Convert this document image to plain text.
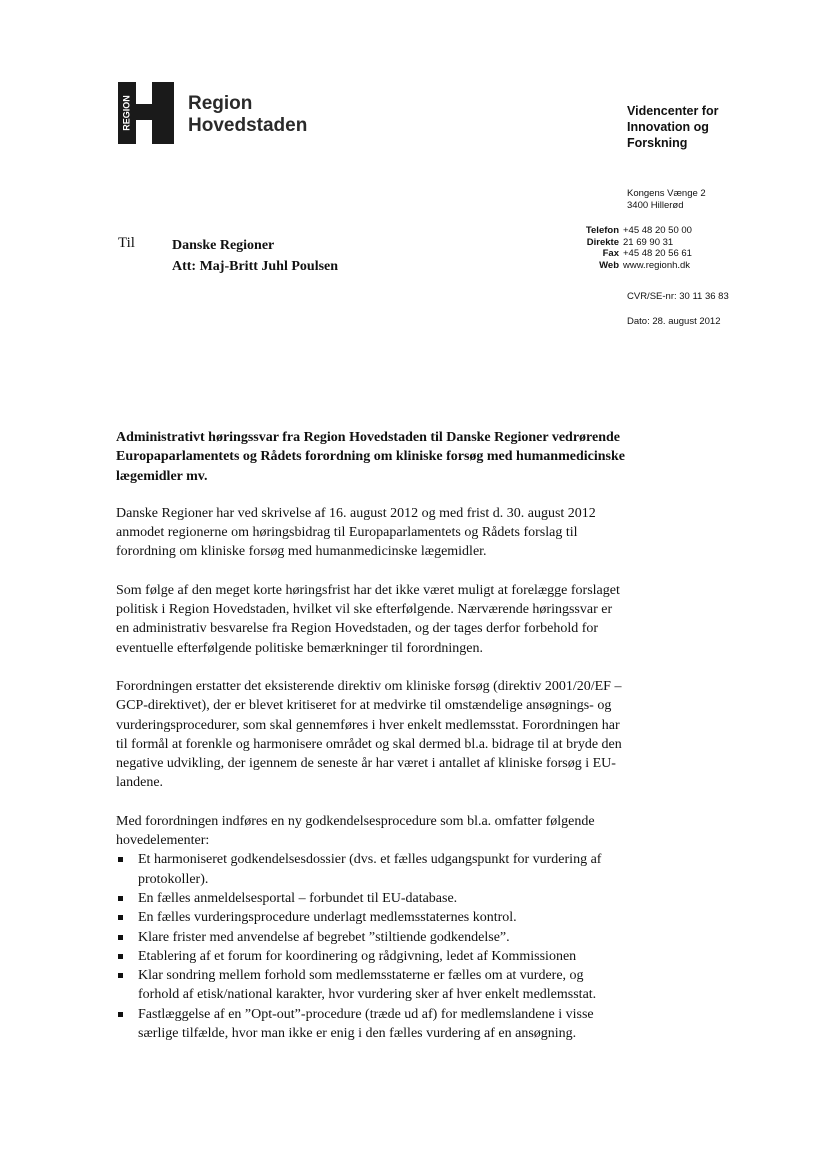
REGION	Region
Hovedstaden
Videncenter for
Innovation og
Forskning
Kongens Vænge 2
3400 Hillerød
Telefon +45 48 20 50 00
Direkte 21 69 90 31
Fax +45 48 20 56 61
Web www.regionh.dk
CVR/SE-nr: 30 11 36 83
Dato: 28. august 2012
Til	Danske Regioner
Att: Maj-Britt Juhl Poulsen

Administrativt høringssvar fra Region Hovedstaden til Danske Regioner vedrørende Europaparlamentets og Rådets forordning om kliniske forsøg med humanmedicinske lægemidler mv.

Danske Regioner har ved skrivelse af 16. august 2012 og med frist d. 30. august 2012 anmodet regionerne om høringsbidrag til Europaparlamentets og Rådets forslag til forordning om kliniske forsøg med humanmedicinske lægemidler.

Som følge af den meget korte høringsfrist har det ikke været muligt at forelægge forslaget politisk i Region Hovedstaden, hvilket vil ske efterfølgende. Nærværende høringssvar er en administrativ besvarelse fra Region Hovedstaden, og der tages derfor forbehold for eventuelle efterfølgende politiske bemærkninger til forordningen.

Forordningen erstatter det eksisterende direktiv om kliniske forsøg (direktiv 2001/20/EF – GCP-direktivet), der er blevet kritiseret for at medvirke til omstændelige ansøgnings- og vurderingsprocedurer, som skal gennemføres i hver enkelt medlemsstat. Forordningen har til formål at forenkle og harmonisere området og skal dermed bl.a. bidrage til at bryde den negative udvikling, der igennem de seneste år har været i antallet af kliniske forsøg i EU-landene.

Med forordningen indføres en ny godkendelsesprocedure som bl.a. omfatter følgende hovedelementer:

Et harmoniseret godkendelsesdossier (dvs. et fælles udgangspunkt for vurdering af protokoller).
En fælles anmeldelsesportal – forbundet til EU-database.
En fælles vurderingsprocedure underlagt medlemsstaternes kontrol.
Klare frister med anvendelse af begrebet ”stiltiende godkendelse”.
Etablering af et forum for koordinering og rådgivning, ledet af Kommissionen
Klar sondring mellem forhold som medlemsstaterne er fælles om at vurdere, og forhold af etisk/national karakter, hvor vurdering sker af hver enkelt medlemsstat.
Fastlæggelse af en ”Opt-out”-procedure (træde ud af) for medlemslandene i visse særlige tilfælde, hvor man ikke er enig i den fælles vurdering af en ansøgning.
